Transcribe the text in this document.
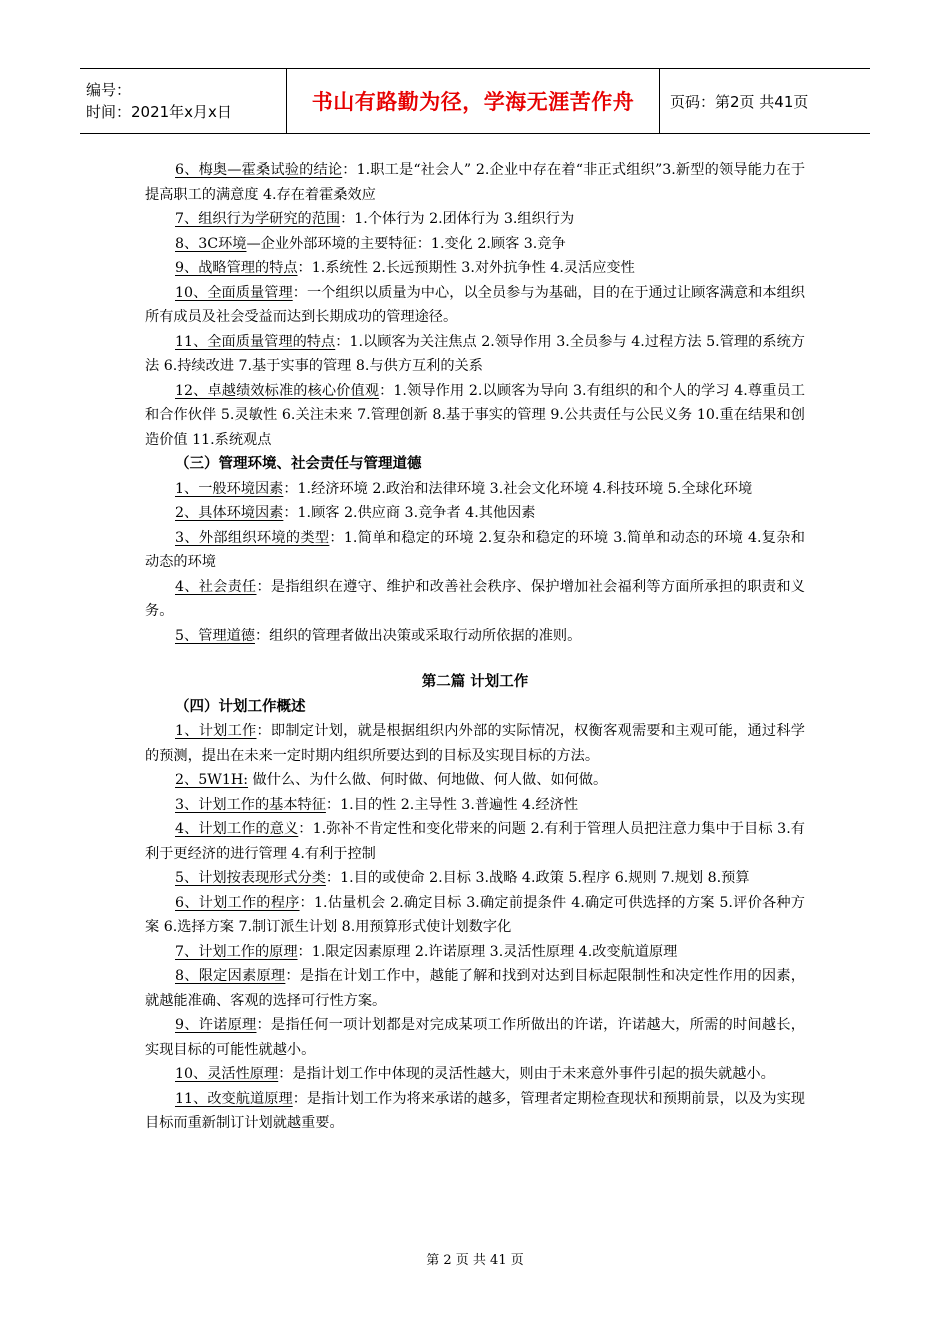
编号：
时间：2021年x月x日	书山有路勤为径，学海无涯苦作舟	页码：第2页 共41页

6、梅奥—霍桑试验的结论：1.职工是“社会人” 2.企业中存在着“非正式组织”3.新型的领导能力在于提高职工的满意度 4.存在着霍桑效应

7、组织行为学研究的范围：1.个体行为 2.团体行为 3.组织行为

8、3C环境—企业外部环境的主要特征：1.变化 2.顾客 3.竞争

9、战略管理的特点：1.系统性 2.长远预期性 3.对外抗争性 4.灵活应变性

10、全面质量管理：一个组织以质量为中心，以全员参与为基础，目的在于通过让顾客满意和本组织所有成员及社会受益而达到长期成功的管理途径。

11、全面质量管理的特点：1.以顾客为关注焦点 2.领导作用 3.全员参与 4.过程方法 5.管理的系统方法 6.持续改进 7.基于实事的管理 8.与供方互利的关系

12、卓越绩效标准的核心价值观：1.领导作用 2.以顾客为导向 3.有组织的和个人的学习 4.尊重员工和合作伙伴 5.灵敏性 6.关注未来 7.管理创新 8.基于事实的管理 9.公共责任与公民义务 10.重在结果和创造价值 11.系统观点

（三）管理环境、社会责任与管理道德

1、一般环境因素：1.经济环境 2.政治和法律环境 3.社会文化环境 4.科技环境 5.全球化环境

2、具体环境因素：1.顾客 2.供应商 3.竞争者 4.其他因素

3、外部组织环境的类型：1.简单和稳定的环境 2.复杂和稳定的环境 3.简单和动态的环境 4.复杂和动态的环境

4、社会责任：是指组织在遵守、维护和改善社会秩序、保护增加社会福利等方面所承担的职责和义务。

5、管理道德：组织的管理者做出决策或采取行动所依据的准则。

第二篇 计划工作

（四）计划工作概述

1、计划工作：即制定计划，就是根据组织内外部的实际情况，权衡客观需要和主观可能，通过科学的预测，提出在未来一定时期内组织所要达到的目标及实现目标的方法。

2、5W1H: 做什么、为什么做、何时做、何地做、何人做、如何做。

3、计划工作的基本特征：1.目的性 2.主导性 3.普遍性 4.经济性

4、计划工作的意义：1.弥补不肯定性和变化带来的问题 2.有利于管理人员把注意力集中于目标 3.有利于更经济的进行管理 4.有利于控制

5、计划按表现形式分类：1.目的或使命 2.目标 3.战略 4.政策 5.程序 6.规则 7.规划 8.预算

6、计划工作的程序：1.估量机会 2.确定目标 3.确定前提条件 4.确定可供选择的方案 5.评价各种方案 6.选择方案 7.制订派生计划 8.用预算形式使计划数字化

7、计划工作的原理：1.限定因素原理 2.许诺原理 3.灵活性原理 4.改变航道原理

8、限定因素原理：是指在计划工作中，越能了解和找到对达到目标起限制性和决定性作用的因素，就越能准确、客观的选择可行性方案。

9、许诺原理：是指任何一项计划都是对完成某项工作所做出的许诺，许诺越大，所需的时间越长，实现目标的可能性就越小。

10、灵活性原理：是指计划工作中体现的灵活性越大，则由于未来意外事件引起的损失就越小。

11、改变航道原理：是指计划工作为将来承诺的越多，管理者定期检查现状和预期前景，以及为实现目标而重新制订计划就越重要。

第 2 页 共 41 页
